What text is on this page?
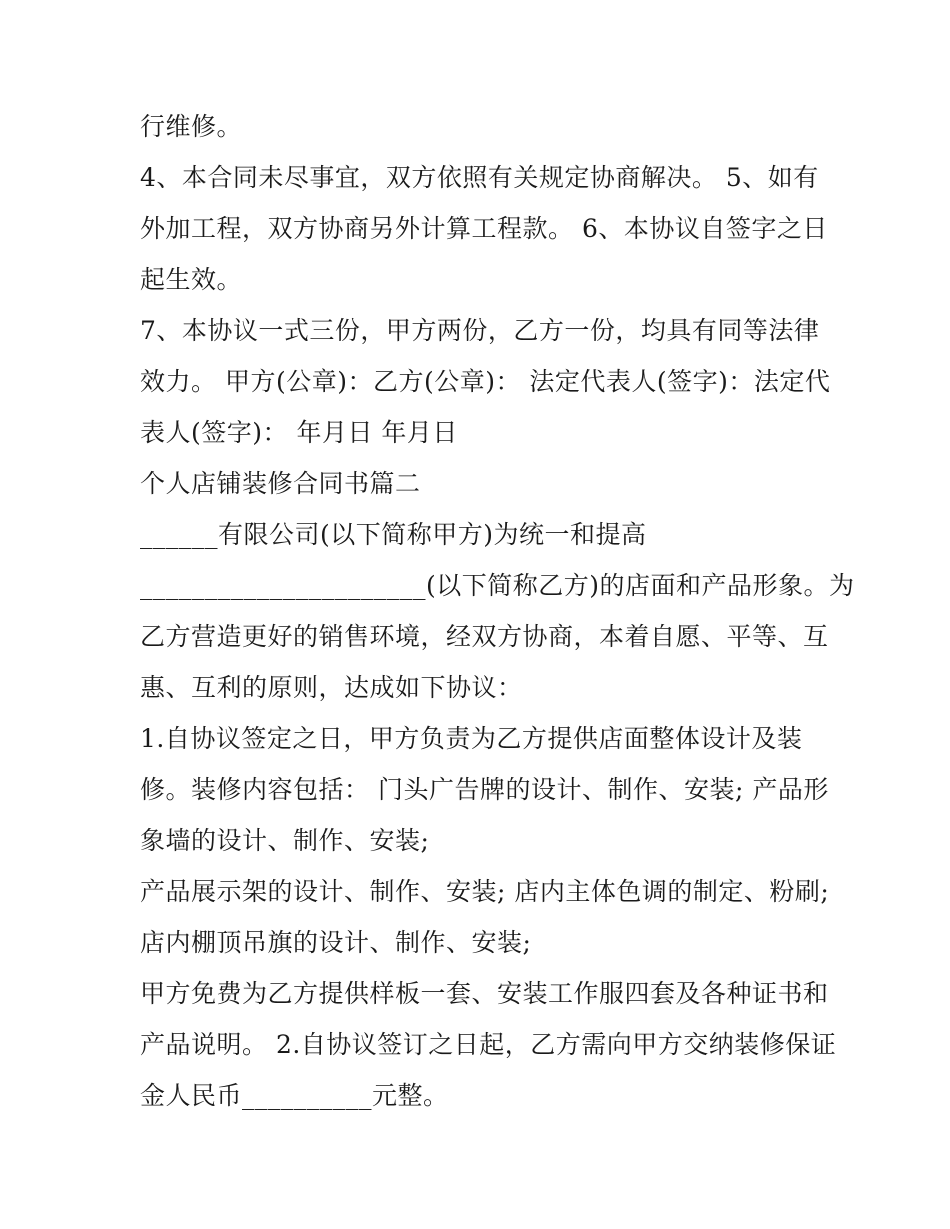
行维修。
4、本合同未尽事宜，双方依照有关规定协商解决。 5、如有
外加工程，双方协商另外计算工程款。 6、本协议自签字之日
起生效。
7、本协议一式三份，甲方两份，乙方一份，均具有同等法律
效力。 甲方(公章)：乙方(公章)： 法定代表人(签字)：法定代
表人(签字)： 年月日 年月日
个人店铺装修合同书篇二
______有限公司(以下简称甲方)为统一和提高
______________________(以下简称乙方)的店面和产品形象。为
乙方营造更好的销售环境，经双方协商，本着自愿、平等、互
惠、互利的原则，达成如下协议：
1.自协议签定之日，甲方负责为乙方提供店面整体设计及装
修。装修内容包括： 门头广告牌的设计、制作、安装; 产品形
象墙的设计、制作、安装;
产品展示架的设计、制作、安装; 店内主体色调的制定、粉刷;
店内棚顶吊旗的设计、制作、安装;
甲方免费为乙方提供样板一套、安装工作服四套及各种证书和
产品说明。 2.自协议签订之日起，乙方需向甲方交纳装修保证
金人民币__________元整。
